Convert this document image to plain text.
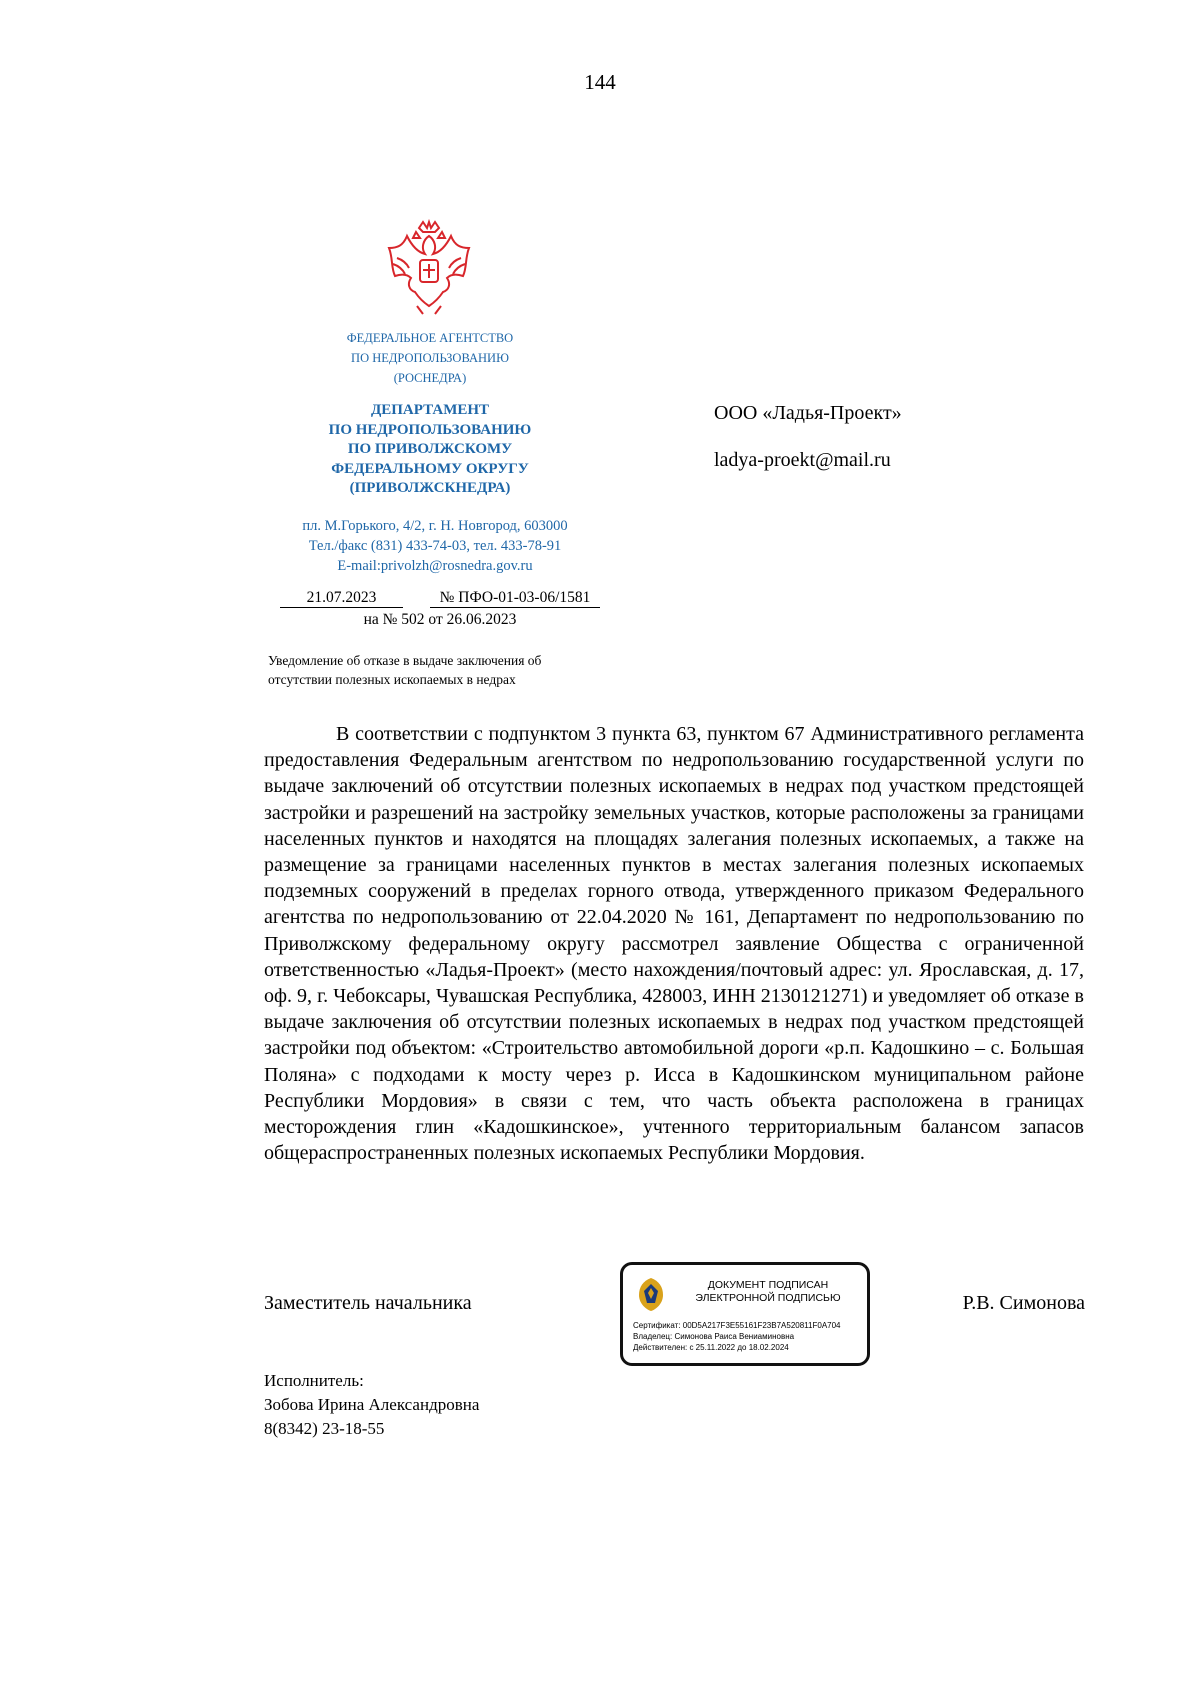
144
ФЕДЕРАЛЬНОЕ АГЕНТСТВО
ПО НЕДРОПОЛЬЗОВАНИЮ
(РОСНЕДРА)
ДЕПАРТАМЕНТ
ПО НЕДРОПОЛЬЗОВАНИЮ
ПО ПРИВОЛЖСКОМУ
ФЕДЕРАЛЬНОМУ ОКРУГУ
(ПРИВОЛЖСКНЕДРА)
пл. М.Горького, 4/2, г. Н. Новгород, 603000
Тел./факс (831) 433-74-03, тел. 433-78-91
E-mail:privolzh@rosnedra.gov.ru
21.07.2023	№ ПФО-01-03-06/1581
на № 502 от 26.06.2023
Уведомление об отказе в выдаче заключения об
отсутствии полезных ископаемых в недрах
ООО «Ладья-Проект»
ladya-proekt@mail.ru

В соответствии с подпунктом 3 пункта 63, пунктом 67 Административного регламента предоставления Федеральным агентством по недропользованию государственной услуги по выдаче заключений об отсутствии полезных ископаемых в недрах под участком предстоящей застройки и разрешений на застройку земельных участков, которые расположены за границами населенных пунктов и находятся на площадях залегания полезных ископаемых, а также на размещение за границами населенных пунктов в местах залегания полезных ископаемых подземных сооружений в пределах горного отвода, утвержденного приказом Федерального агентства по недропользованию от 22.04.2020 № 161, Департамент по недропользованию по Приволжскому федеральному округу рассмотрел заявление Общества с ограниченной ответственностью «Ладья-Проект» (место нахождения/почтовый адрес: ул. Ярославская, д. 17, оф. 9, г. Чебоксары, Чувашская Республика, 428003, ИНН 2130121271) и уведомляет об отказе в выдаче заключения об отсутствии полезных ископаемых в недрах под участком предстоящей застройки под объектом: «Строительство автомобильной дороги «р.п. Кадошкино – с. Большая Поляна» с подходами к мосту через р. Исса в Кадошкинском муниципальном районе Республики Мордовия» в связи с тем, что часть объекта расположена в границах месторождения глин «Кадошкинское», учтенного территориальным балансом запасов общераспространенных полезных ископаемых Республики Мордовия.

Заместитель начальника	Р.В. Симонова
ДОКУМЕНТ ПОДПИСАН
ЭЛЕКТРОННОЙ ПОДПИСЬЮ
Сертификат: 00D5A217F3E55161F23B7A520811F0A704
Владелец: Симонова Раиса Вениаминовна
Действителен: с 25.11.2022 до 18.02.2024
Исполнитель:
Зобова Ирина Александровна
8(8342) 23-18-55
